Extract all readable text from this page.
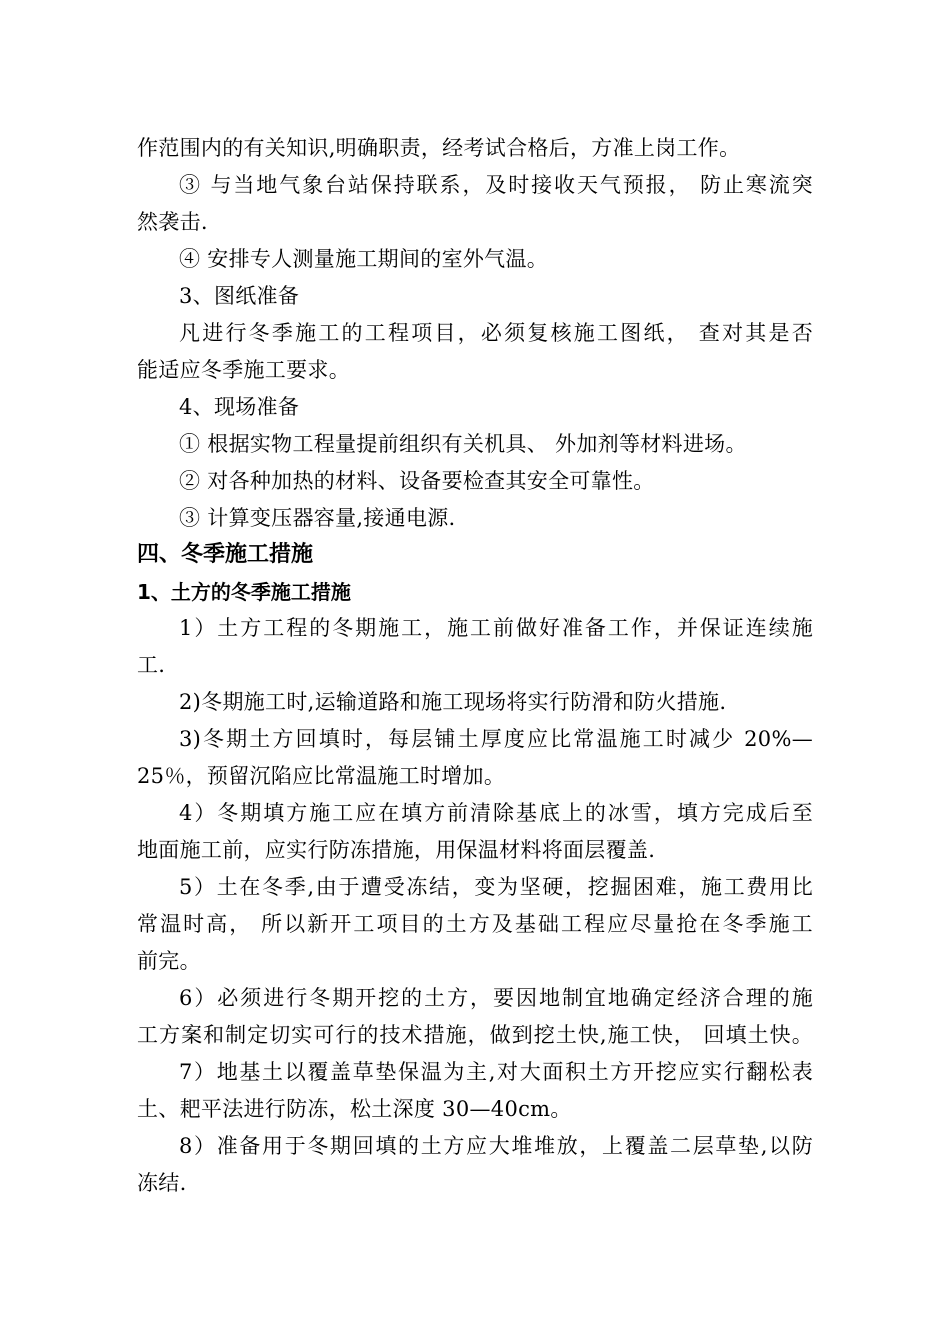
作范围内的有关知识,明确职责，经考试合格后，方准上岗工作。
③ 与当地气象台站保持联系，及时接收天气预报， 防止寒流突
然袭击.
④ 安排专人测量施工期间的室外气温。
3、图纸准备
凡进行冬季施工的工程项目，必须复核施工图纸， 查对其是否
能适应冬季施工要求。
4、现场准备
① 根据实物工程量提前组织有关机具、 外加剂等材料进场。
② 对各种加热的材料、设备要检查其安全可靠性。
③ 计算变压器容量,接通电源.
四、冬季施工措施
1、土方的冬季施工措施
1）土方工程的冬期施工，施工前做好准备工作，并保证连续施
工.
2)冬期施工时,运输道路和施工现场将实行防滑和防火措施.
3)冬期土方回填时，每层铺土厚度应比常温施工时减少 20%—
25％，预留沉陷应比常温施工时增加。
4）冬期填方施工应在填方前清除基底上的冰雪，填方完成后至
地面施工前，应实行防冻措施，用保温材料将面层覆盖.
5）土在冬季,由于遭受冻结，变为坚硬，挖掘困难，施工费用比
常温时高， 所以新开工项目的土方及基础工程应尽量抢在冬季施工
前完。
6）必须进行冬期开挖的土方，要因地制宜地确定经济合理的施
工方案和制定切实可行的技术措施，做到挖土快,施工快， 回填土快。
7）地基土以覆盖草垫保温为主,对大面积土方开挖应实行翻松表
土、耙平法进行防冻，松土深度 30—40cm。
8）准备用于冬期回填的土方应大堆堆放，上覆盖二层草垫,以防
冻结.
